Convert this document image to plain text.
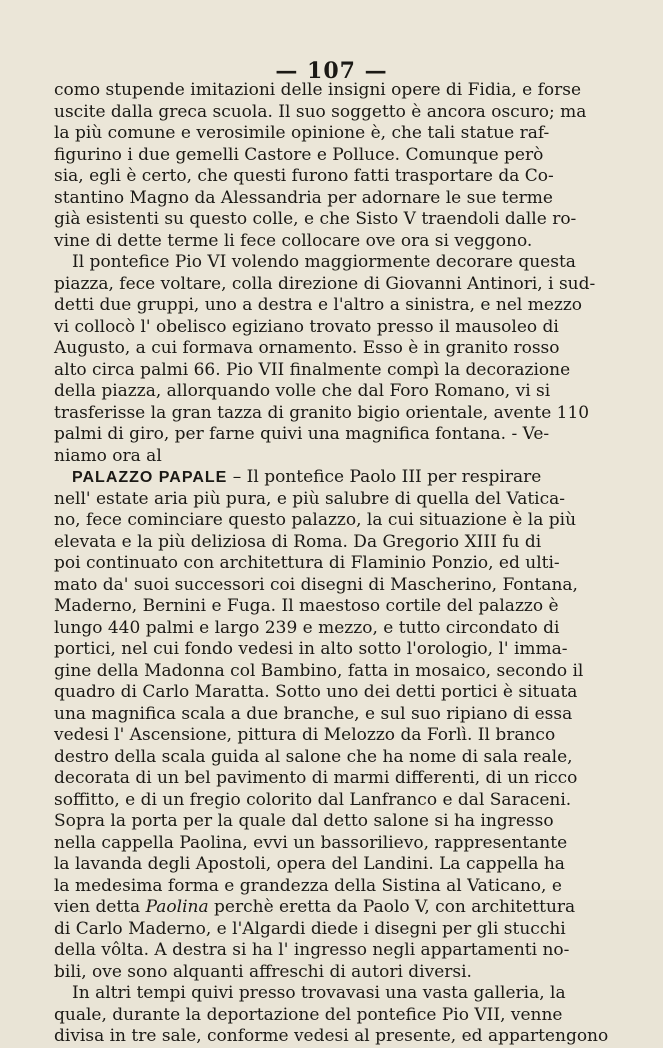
— 107 —
como stupende imitazioni delle insigni opere di Fidia, e forse
uscite dalla greca scuola. Il suo soggetto è ancora oscuro; ma
la più comune e verosimile opinione è, che tali statue raf-
figurino i due gemelli Castore e Polluce. Comunque però
sia, egli è certo, che questi furono fatti trasportare da Co-
stantino Magno da Alessandria per adornare le sue terme
già esistenti su questo colle, e che Sisto V traendoli dalle ro-
vine di dette terme li fece collocare ove ora si veggono.
Il pontefice Pio VI volendo maggiormente decorare questa
piazza, fece voltare, colla direzione di Giovanni Antinori, i sud-
detti due gruppi, uno a destra e l'altro a sinistra, e nel mezzo
vi collocò l' obelisco egiziano trovato presso il mausoleo di
Augusto, a cui formava ornamento. Esso è in granito rosso
alto circa palmi 66. Pio VII finalmente compì la decorazione
della piazza, allorquando volle che dal Foro Romano, vi si
trasferisse la gran tazza di granito bigio orientale, avente 110
palmi di giro, per farne quivi una magnifica fontana. - Ve-
niamo ora al
PALAZZO PAPALE – Il pontefice Paolo III per respirare
nell' estate aria più pura, e più salubre di quella del Vatica-
no, fece cominciare questo palazzo, la cui situazione è la più
elevata e la più deliziosa di Roma. Da Gregorio XIII fu di
poi continuato con architettura di Flaminio Ponzio, ed ulti-
mato da' suoi successori coi disegni di Mascherino, Fontana,
Maderno, Bernini e Fuga. Il maestoso cortile del palazzo è
lungo 440 palmi e largo 239 e mezzo, e tutto circondato di
portici, nel cui fondo vedesi in alto sotto l'orologio, l' imma-
gine della Madonna col Bambino, fatta in mosaico, secondo il
quadro di Carlo Maratta. Sotto uno dei detti portici è situata
una magnifica scala a due branche, e sul suo ripiano di essa
vedesi l' Ascensione, pittura di Melozzo da Forlì. Il branco
destro della scala guida al salone che ha nome di sala reale,
decorata di un bel pavimento di marmi differenti, di un ricco
soffitto, e di un fregio colorito dal Lanfranco e dal Saraceni.
Sopra la porta per la quale dal detto salone si ha ingresso
nella cappella Paolina, evvi un bassorilievo, rappresentante
la lavanda degli Apostoli, opera del Landini. La cappella ha
la medesima forma e grandezza della Sistina al Vaticano, e
vien detta Paolina perchè eretta da Paolo V, con architettura
di Carlo Maderno, e l'Algardi diede i disegni per gli stucchi
della vôlta. A destra si ha l' ingresso negli appartamenti no-
bili, ove sono alquanti affreschi di autori diversi.
In altri tempi quivi presso trovavasi una vasta galleria, la
quale, durante la deportazione del pontefice Pio VII, venne
divisa in tre sale, conforme vedesi al presente, ed appartengono
